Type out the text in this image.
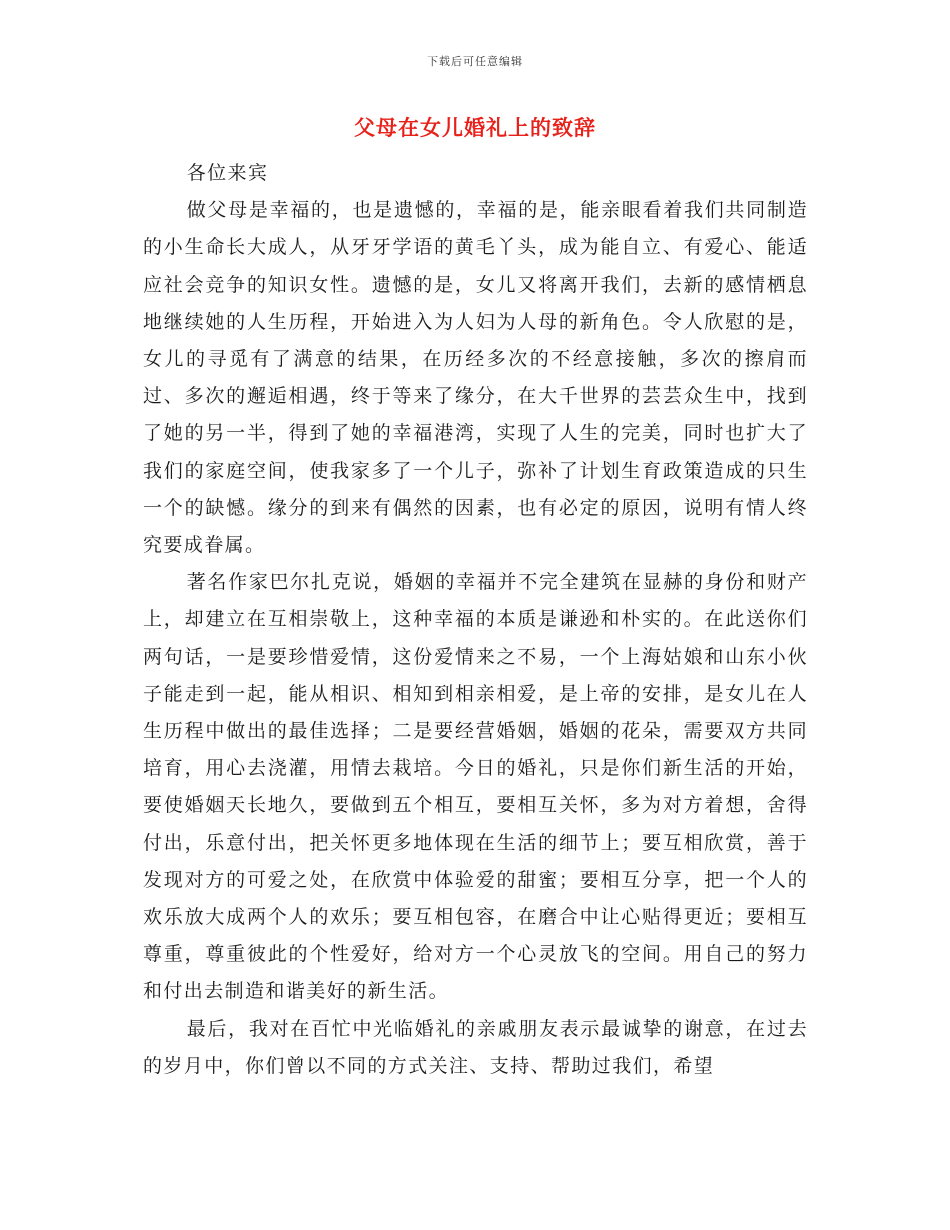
下载后可任意编辑
父母在女儿婚礼上的致辞

各位来宾

做父母是幸福的，也是遗憾的，幸福的是，能亲眼看着我们共同制造的小生命长大成人，从牙牙学语的黄毛丫头，成为能自立、有爱心、能适应社会竞争的知识女性。遗憾的是，女儿又将离开我们，去新的感情栖息地继续她的人生历程，开始进入为人妇为人母的新角色。令人欣慰的是，女儿的寻觅有了满意的结果，在历经多次的不经意接触，多次的擦肩而过、多次的邂逅相遇，终于等来了缘分，在大千世界的芸芸众生中，找到了她的另一半，得到了她的幸福港湾，实现了人生的完美，同时也扩大了我们的家庭空间，使我家多了一个儿子，弥补了计划生育政策造成的只生一个的缺憾。缘分的到来有偶然的因素，也有必定的原因，说明有情人终究要成眷属。

著名作家巴尔扎克说，婚姻的幸福并不完全建筑在显赫的身份和财产上，却建立在互相崇敬上，这种幸福的本质是谦逊和朴实的。在此送你们两句话，一是要珍惜爱情，这份爱情来之不易，一个上海姑娘和山东小伙子能走到一起，能从相识、相知到相亲相爱，是上帝的安排，是女儿在人生历程中做出的最佳选择；二是要经营婚姻，婚姻的花朵，需要双方共同培育，用心去浇灌，用情去栽培。今日的婚礼，只是你们新生活的开始，要使婚姻天长地久，要做到五个相互，要相互关怀，多为对方着想，舍得付出，乐意付出，把关怀更多地体现在生活的细节上；要互相欣赏，善于发现对方的可爱之处，在欣赏中体验爱的甜蜜；要相互分享，把一个人的欢乐放大成两个人的欢乐；要互相包容，在磨合中让心贴得更近；要相互尊重，尊重彼此的个性爱好，给对方一个心灵放飞的空间。用自己的努力和付出去制造和谐美好的新生活。

最后，我对在百忙中光临婚礼的亲戚朋友表示最诚挚的谢意，在过去的岁月中，你们曾以不同的方式关注、支持、帮助过我们，希望
